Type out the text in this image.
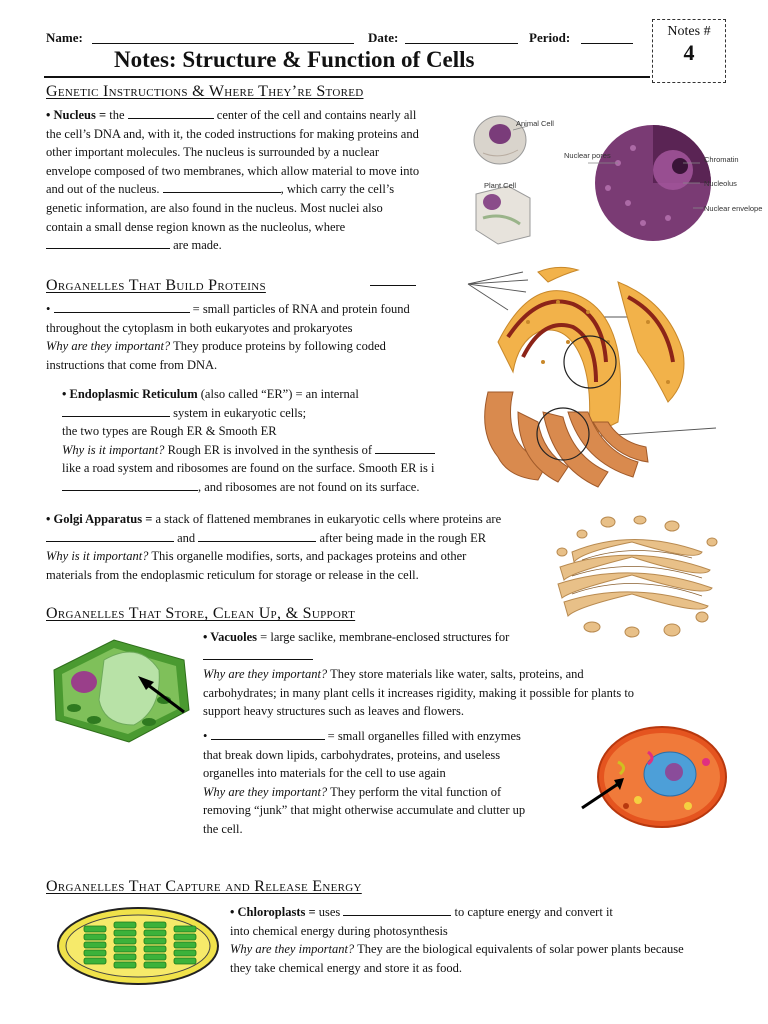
Name:	Date:	Period:
Notes: Structure & Function of Cells
Notes #
4
Genetic Instructions & Where They’re Stored
• Nucleus = the	center of the cell and contains nearly all
the cell’s DNA and, with it, the coded instructions for making proteins and
other important molecules. The nucleus is surrounded by a nuclear
envelope composed of two membranes, which allow material to move into
and out of the nucleus.	, which carry the cell’s
genetic information, are also found in the nucleus. Most nuclei also
contain a small dense region known as the nucleolus, where
are made.
Animal Cell
Plant Cell
Nuclear pores	Chromatin
Nucleolus
Nuclear envelope
Organelles That Build Proteins
•	= small particles of RNA and protein found
throughout the cytoplasm in both eukaryotes and prokaryotes
Why are they important? They produce proteins by following coded
instructions that come from DNA.
• Endoplasmic Reticulum (also called “ER”) = an internal
system in eukaryotic cells;
the two types are Rough ER & Smooth ER
Why is it important? Rough ER is involved in the synthesis of
like a road system and ribosomes are found on the surface. Smooth ER is i
, and ribosomes are not found on its surface.
• Golgi Apparatus = a stack of flattened membranes in eukaryotic cells where proteins are
and	after being made in the rough ER
Why is it important? This organelle modifies, sorts, and packages proteins and other
materials from the endoplasmic reticulum for storage or release in the cell.
Organelles That Store, Clean Up, & Support
• Vacuoles = large saclike, membrane-enclosed structures for
Why are they important? They store materials like water, salts, proteins, and
carbohydrates; in many plant cells it increases rigidity, making it possible for plants to
support heavy structures such as leaves and flowers.
•	= small organelles filled with enzymes
that break down lipids, carbohydrates, proteins, and useless
organelles into materials for the cell to use again
Why are they important? They perform the vital function of
removing “junk” that might otherwise accumulate and clutter up
the cell.
Organelles That Capture and Release Energy
• Chloroplasts = uses	to capture energy and convert it
into chemical energy during photosynthesis
Why are they important? They are the biological equivalents of solar power plants because
they take chemical energy and store it as food.
